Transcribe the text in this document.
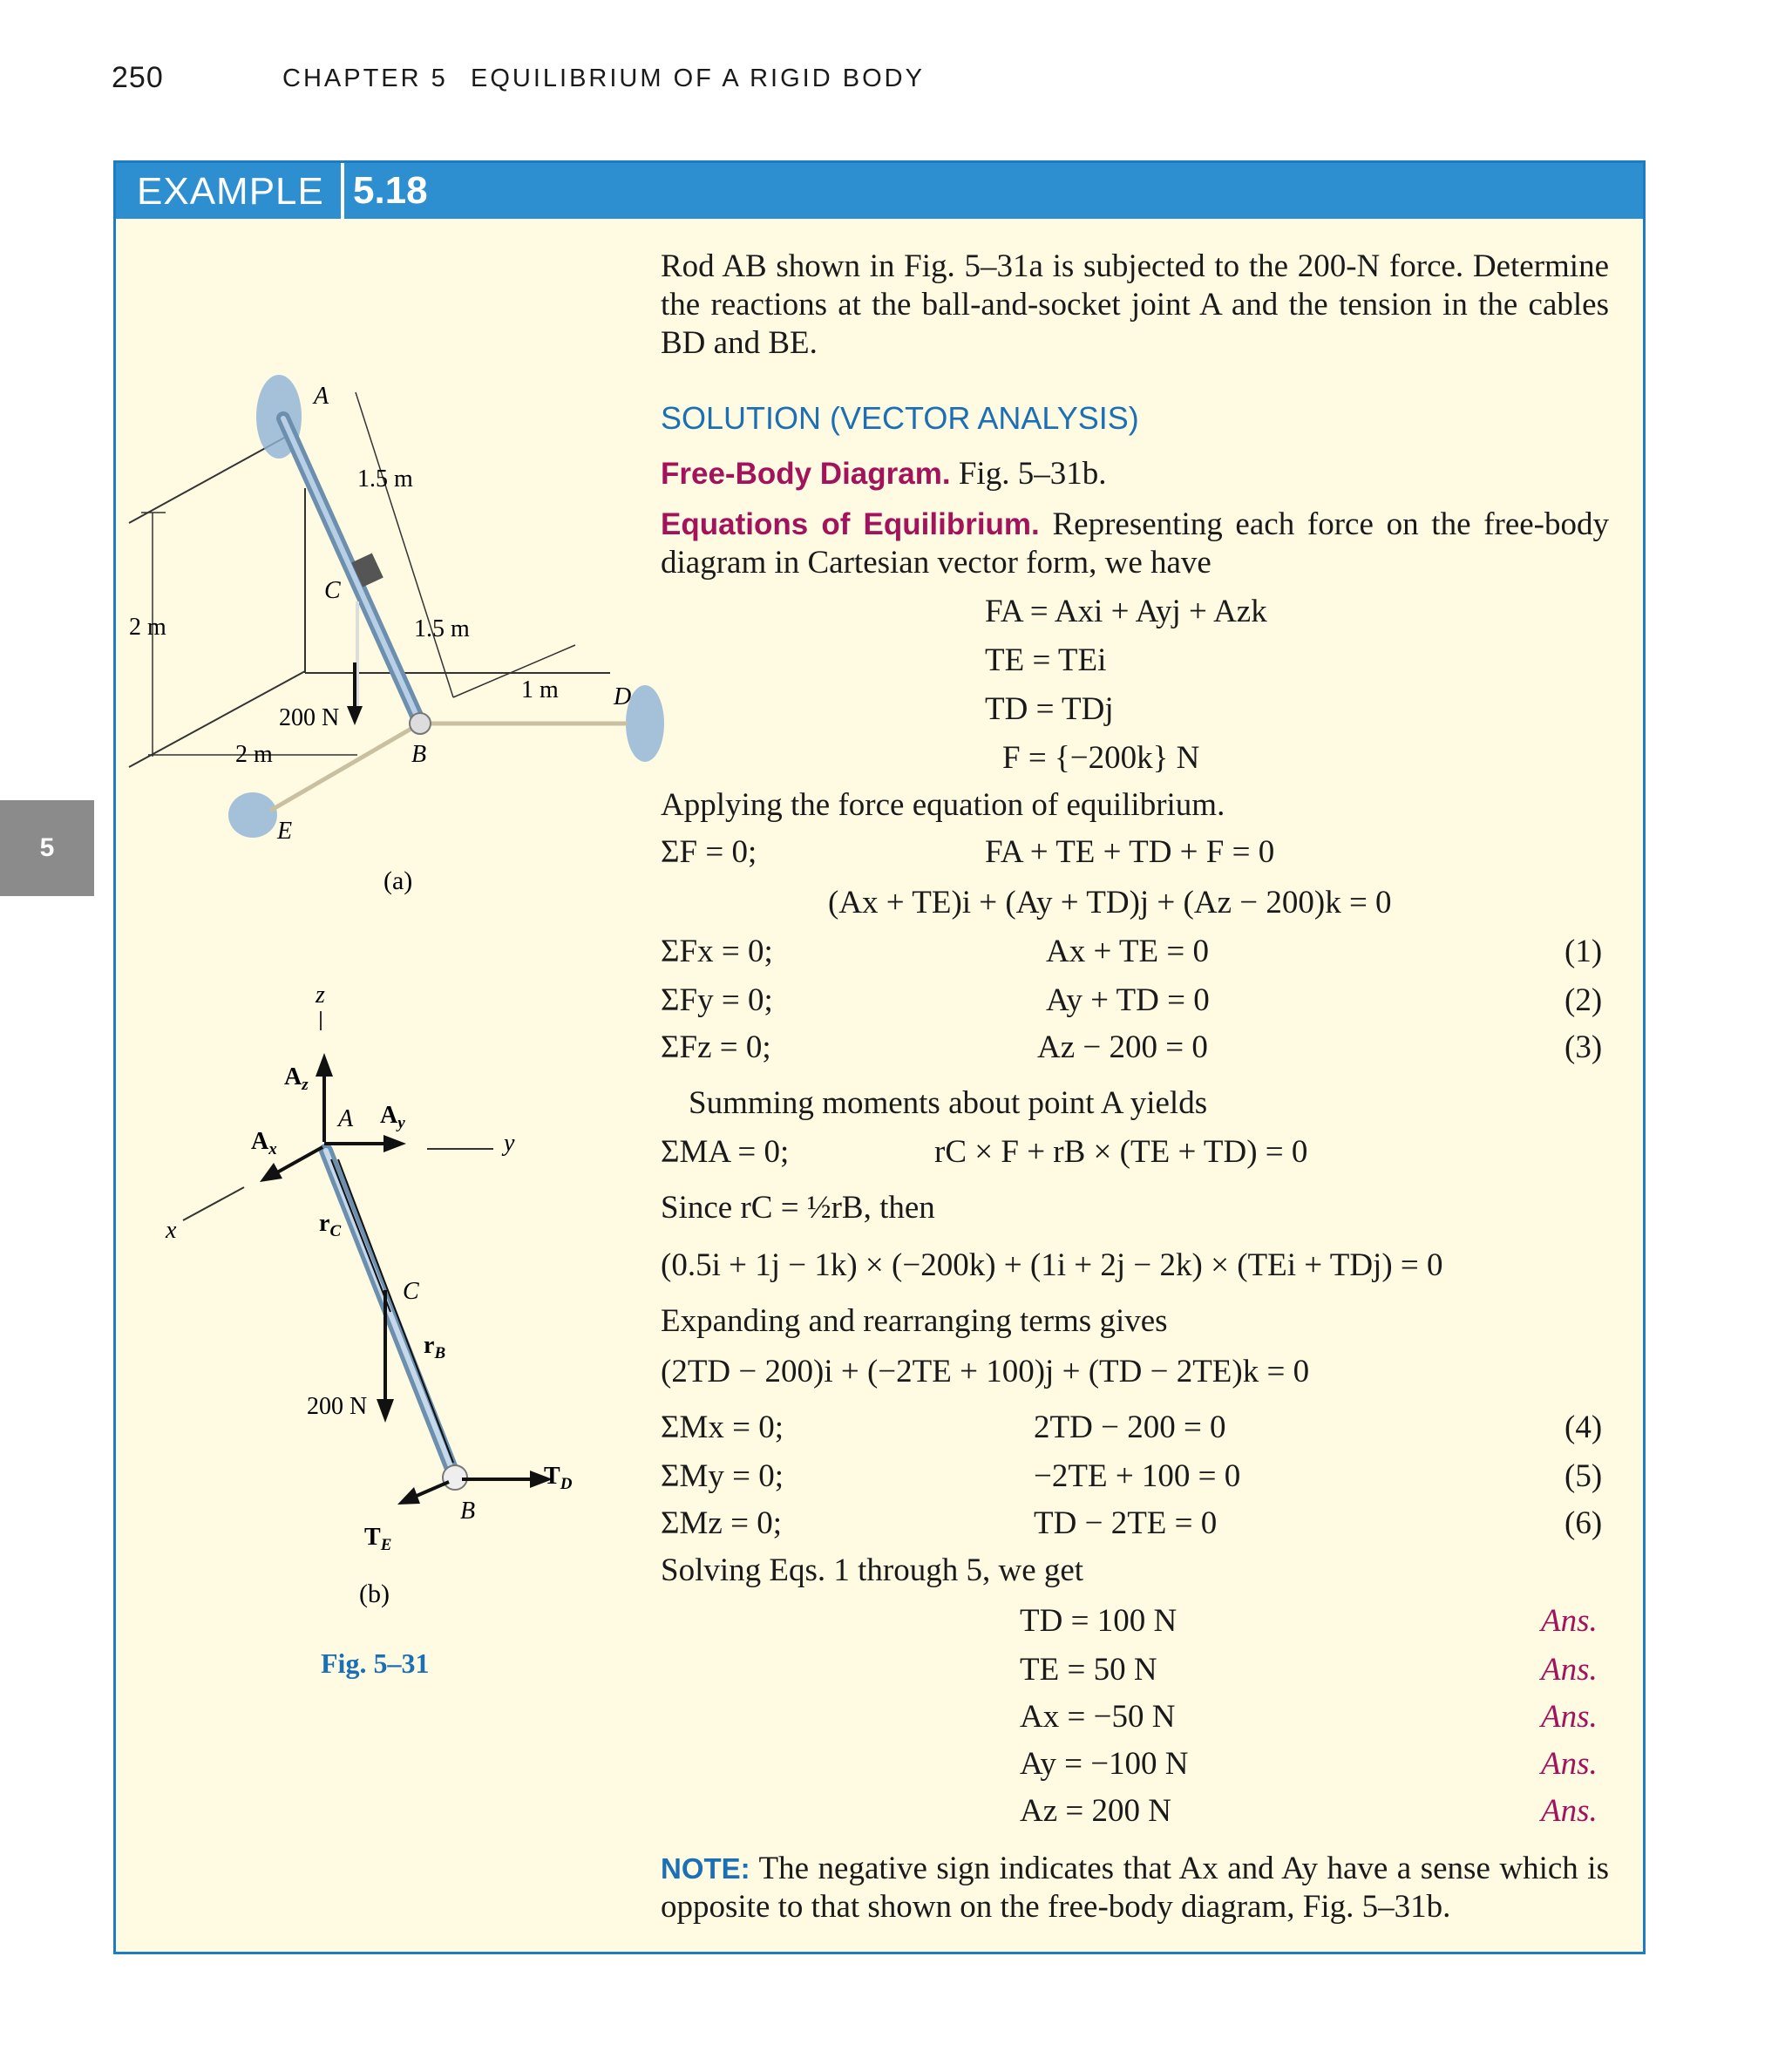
250	CHAPTER 5 EQUILIBRIUM OF A RIGID BODY
5
EXAMPLE 5.18
A
1.5 m
C
1.5 m
2 m
1 m D
200 N
2 m	B
E
(a)
z
y
x
$A_z$
A $A_y$
$A_x$
$r_C$
C
$r_B$
200 N
$T_D$
B
$T_E$
(b)
Fig. 5–31
Rod AB shown in Fig. 5–31a is subjected to the 200-N force. Determine the reactions at the ball-and-socket joint A and the tension in the cables BD and BE.
SOLUTION (VECTOR ANALYSIS)
Free-Body Diagram. Fig. 5–31b.
Equations of Equilibrium. Representing each force on the free-body diagram in Cartesian vector form, we have
FA = Axi + Ayj + Azk
TE = TEi
TD = TDj
F = {−200k} N
Applying the force equation of equilibrium.
ΣF = 0;	FA + TE + TD + F = 0
(Ax + TE)i + (Ay + TD)j + (Az − 200)k = 0
ΣFx = 0;	Ax + TE = 0	(1)
ΣFy = 0;	Ay + TD = 0	(2)
ΣFz = 0;	Az − 200 = 0	(3)
Summing moments about point A yields
ΣMA = 0;	rC × F + rB × (TE + TD) = 0
Since rC = ½rB, then
(0.5i + 1j − 1k) × (−200k) + (1i + 2j − 2k) × (TEi + TDj) = 0
Expanding and rearranging terms gives
(2TD − 200)i + (−2TE + 100)j + (TD − 2TE)k = 0
ΣMx = 0;	2TD − 200 = 0	(4)
ΣMy = 0;	−2TE + 100 = 0	(5)
ΣMz = 0;	TD − 2TE = 0	(6)
Solving Eqs. 1 through 5, we get
TD = 100 N	Ans.
TE = 50 N	Ans.
Ax = −50 N	Ans.
Ay = −100 N	Ans.
Az = 200 N	Ans.
NOTE: The negative sign indicates that Ax and Ay have a sense which is opposite to that shown on the free-body diagram, Fig. 5–31b.
